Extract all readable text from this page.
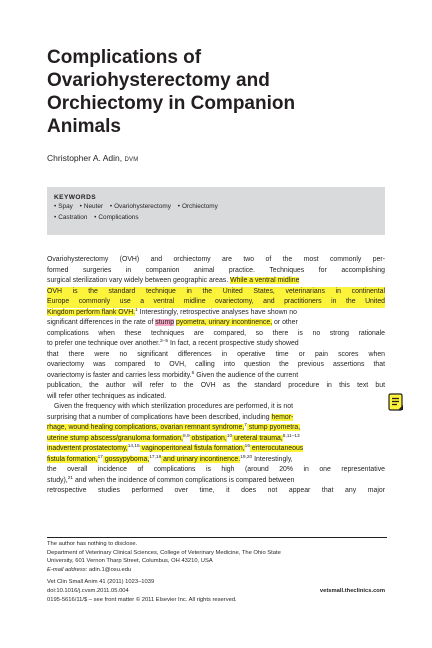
Complications of
Ovariohysterectomy and
Orchiectomy in Companion
Animals
Christopher A. Adin, DVM
KEYWORDS
• Spay • Neuter • Ovariohysterectomy • Orchiectomy
• Castration • Complications
Ovariohysterectomy (OVH) and orchiectomy are two of the most commonly per-
formed surgeries in companion animal practice. Techniques for accomplishing
surgical sterilization vary widely between geographic areas. While a ventral midline
OVH is the standard technique in the United States, veterinarians in continental
Europe commonly use a ventral midline ovariectomy, and practitioners in the United
Kingdom perform flank OVH.$^1$ Interestingly, retrospective analyses have shown no
significant differences in the rate of stump pyometra, urinary incontinence, or other
complications when these techniques are compared, so there is no strong rationale
to prefer one technique over another.$^{2-5}$ In fact, a recent prospective study showed
that there were no significant differences in operative time or pain scores when
ovariectomy was compared to OVH, calling into question the previous assertions that
ovariectomy is faster and carries less morbidity.$^6$ Given the audience of the current
publication, the author will refer to the OVH as the standard procedure in this text but
will refer other techniques as indicated.
Given the frequency with which sterilization procedures are performed, it is not
surprising that a number of complications have been described, including hemor-
rhage, wound healing complications, ovarian remnant syndrome,$^7$ stump pyometra,
uterine stump abscess/granuloma formation,$^{8,9}$ obstipation,$^{10}$ ureteral trauma,$^{8,11-13}$
inadvertent prostatectomy,$^{14,15}$ vaginoperitoneal fistula formation,$^{16}$ enterocutaneous
fistula formation,$^{17}$ gossypyboma,$^{17,18}$ and urinary incontinence.$^{19,20}$ Interestingly,
the overall incidence of complications is high (around 20% in one representative
study),$^{21}$ and when the incidence of common complications is compared between
retrospective studies performed over time, it does not appear that any major
The author has nothing to disclose.
Department of Veterinary Clinical Sciences, College of Veterinary Medicine, The Ohio State
University, 601 Vernon Tharp Street, Columbus, OH 43210, USA
E-mail address: adin.1@osu.edu
Vet Clin Small Anim 41 (2011) 1023–1039
doi:10.1016/j.cvsm.2011.05.004	vetsmall.theclinics.com
0195-5616/11/$ – see front matter © 2011 Elsevier Inc. All rights reserved.
